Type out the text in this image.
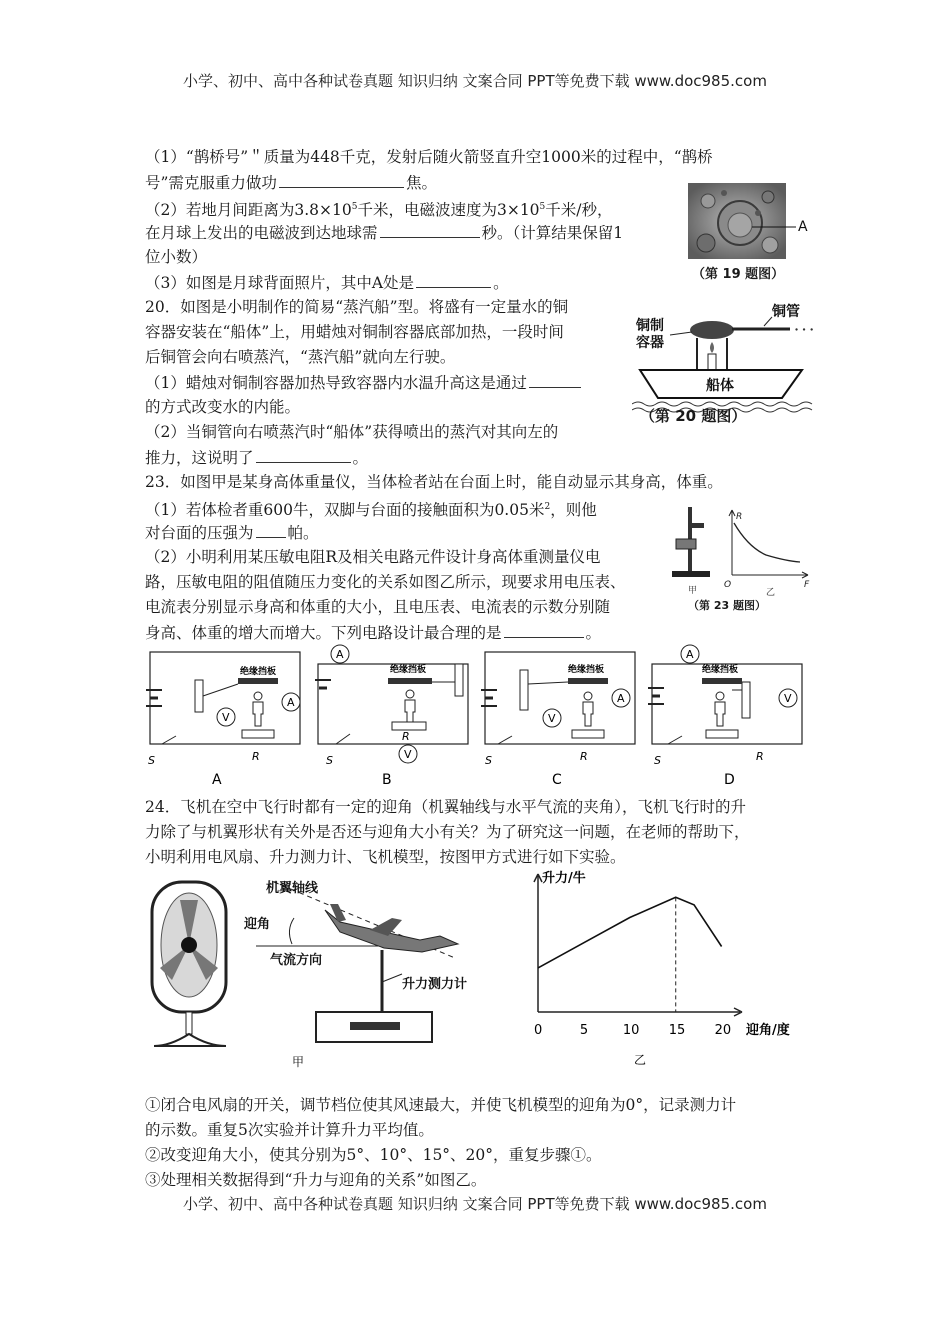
小学、初中、高中各种试卷真题 知识归纳 文案合同 PPT等免费下载 www.doc985.com
（1）“鹊桥号”＂质量为448千克，发射后随火箭竖直升空1000米的过程中，“鹊桥
号”需克服重力做功	焦。
（2）若地月间距离为$3.8\times 10^5$千米，电磁波速度为$3\times 10^5$千米/秒，
在月球上发出的电磁波到达地球需	秒。（计算结果保留1
位小数）
（3）如图是月球背面照片，其中A处是	。
A
（第 19 题图）
20．如图是小明制作的简易“蒸汽船”型。将盛有一定量水的铜
容器安装在“船体”上，用蜡烛对铜制容器底部加热，一段时间
后铜管会向右喷蒸汽，“蒸汽船”就向左行驶。
（1）蜡烛对铜制容器加热导致容器内水温升高这是通过
的方式改变水的内能。
（2）当铜管向右喷蒸汽时“船体”获得喷出的蒸汽对其向左的
推力，这说明了	。
∙ ∙ ∙
铜管
铜制
容器
船体
（第 20 题图）
23．如图甲是某身高体重量仪，当体检者站在台面上时，能自动显示其身高，体重。
（1）若体检者重600牛，双脚与台面的接触面积为0.05米$^2$，则他
对台面的压强为 帕。
（2）小明利用某压敏电阻R及相关电路元件设计身高体重测量仪电
路，压敏电阻的阻值随压力变化的关系如图乙所示，现要求用电压表、
电流表分别显示身高和体重的大小，且电压表、电流表的示数分别随
身高、体重的增大而增大。下列电路设计最合理的是	。
甲
R
O	F
乙
（第 23 题图）
绝缘挡板
V
A
S	R
A
A
绝缘挡板
V
S
R
B
绝缘挡板
V
A
S	R
C
A
绝缘挡板
V
S	R
D
24．飞机在空中飞行时都有一定的迎角（机翼轴线与水平气流的夹角），飞机飞行时的升
力除了与机翼形状有关外是否还与迎角大小有关？为了研究这一问题，在老师的帮助下，
小明利用电风扇、升力测力计、飞机模型，按图甲方式进行如下实验。
机翼轴线
迎角
气流方向
升力测力计
甲
升力/牛
迎角/度
0	5	10 15 20
乙
①闭合电风扇的开关，调节档位使其风速最大，并使飞机模型的迎角为0°，记录测力计
的示数。重复5次实验并计算升力平均值。
②改变迎角大小，使其分别为5°、10°、15°、20°，重复步骤①。
③处理相关数据得到“升力与迎角的关系”如图乙。
小学、初中、高中各种试卷真题 知识归纳 文案合同 PPT等免费下载 www.doc985.com
